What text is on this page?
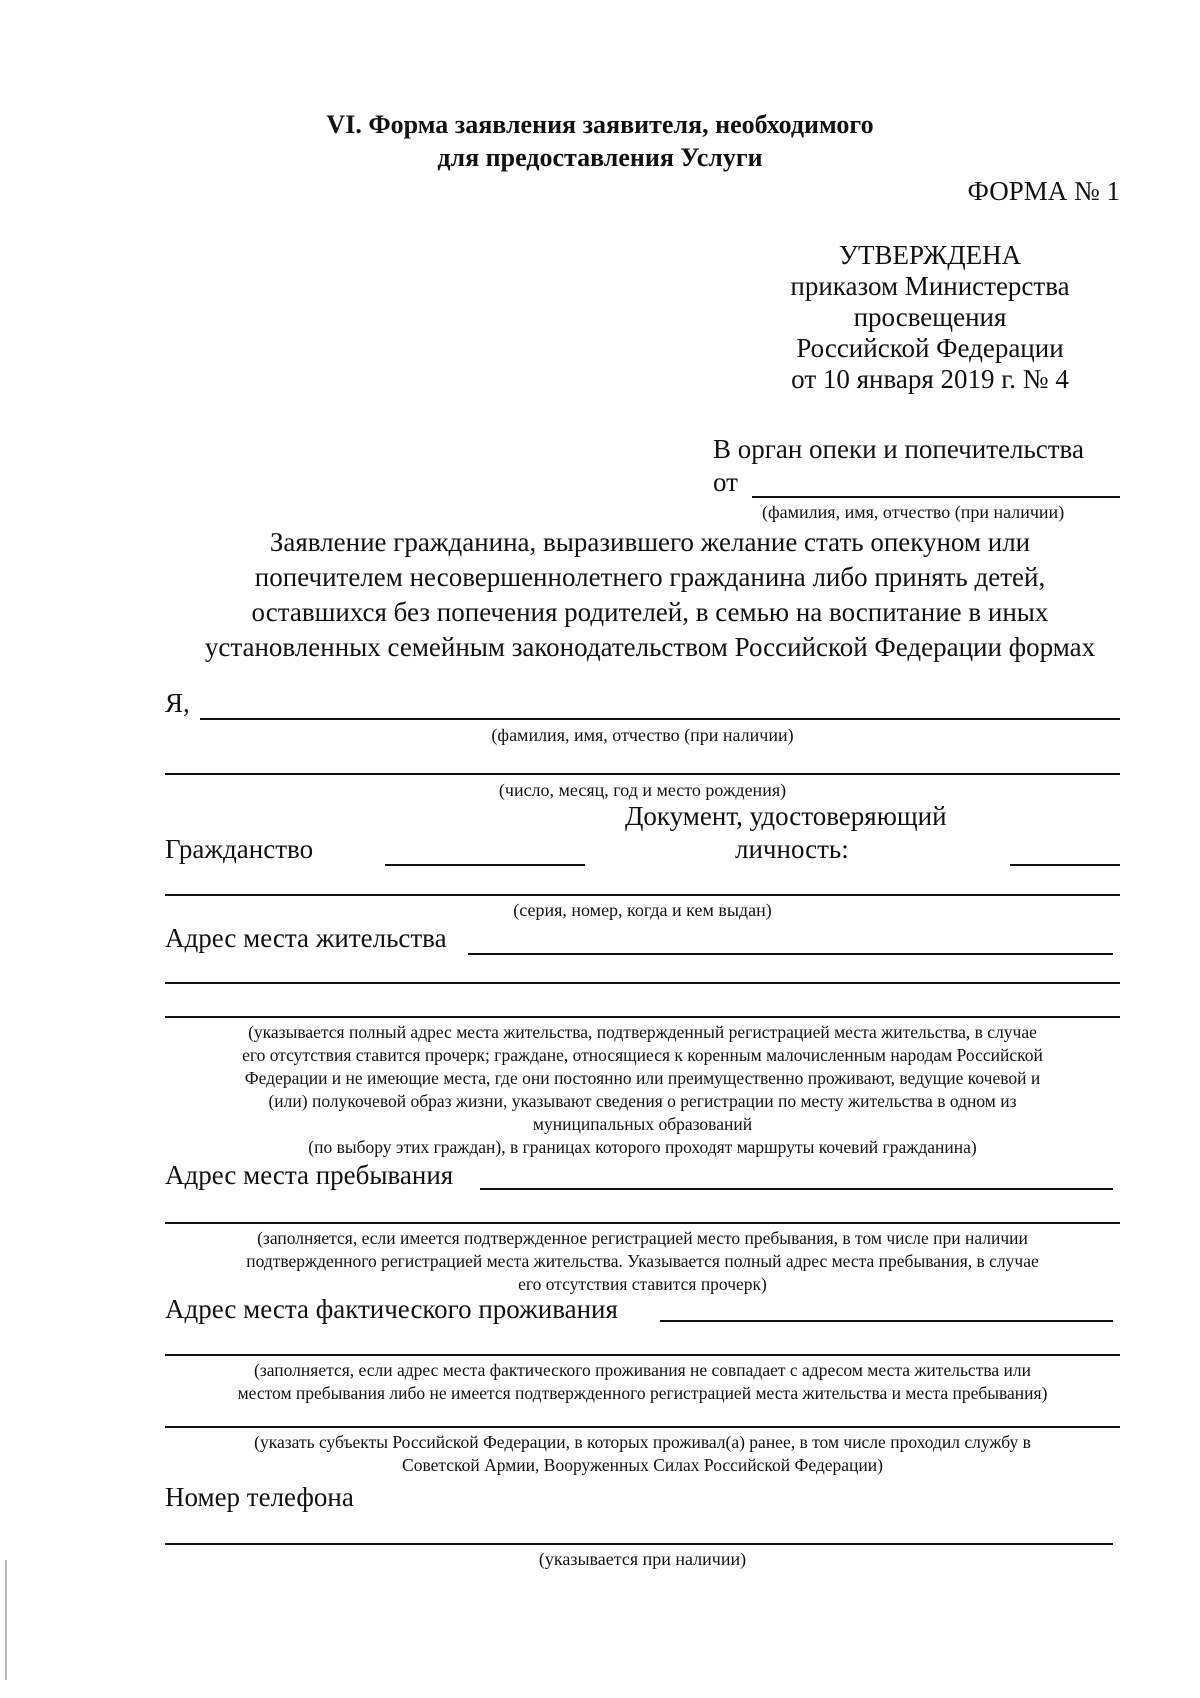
VI. Форма заявления заявителя, необходимого
для предоставления Услуги
ФОРМА № 1
УТВЕРЖДЕНА
приказом Министерства
просвещения
Российской Федерации
от 10 января 2019 г. № 4
В орган опеки и попечительства
от
(фамилия, имя, отчество (при наличии)
Заявление гражданина, выразившего желание стать опекуном или
попечителем несовершеннолетнего гражданина либо принять детей,
оставшихся без попечения родителей, в семью на воспитание в иных
установленных семейным законодательством Российской Федерации формах
Я,
(фамилия, имя, отчество (при наличии)
(число, месяц, год и место рождения)
Гражданство
Документ, удостоверяющий
личность:
(серия, номер, когда и кем выдан)
Адрес места жительства
(указывается полный адрес места жительства, подтвержденный регистрацией места жительства, в случае
его отсутствия ставится прочерк; граждане, относящиеся к коренным малочисленным народам Российской
Федерации и не имеющие места, где они постоянно или преимущественно проживают, ведущие кочевой и
(или) полукочевой образ жизни, указывают сведения о регистрации по месту жительства в одном из
муниципальных образований
(по выбору этих граждан), в границах которого проходят маршруты кочевий гражданина)
Адрес места пребывания
(заполняется, если имеется подтвержденное регистрацией место пребывания, в том числе при наличии
подтвержденного регистрацией места жительства. Указывается полный адрес места пребывания, в случае
его отсутствия ставится прочерк)
Адрес места фактического проживания
(заполняется, если адрес места фактического проживания не совпадает с адресом места жительства или
местом пребывания либо не имеется подтвержденного регистрацией места жительства и места пребывания)
(указать субъекты Российской Федерации, в которых проживал(а) ранее, в том числе проходил службу в
Советской Армии, Вооруженных Силах Российской Федерации)
Номер телефона
(указывается при наличии)
